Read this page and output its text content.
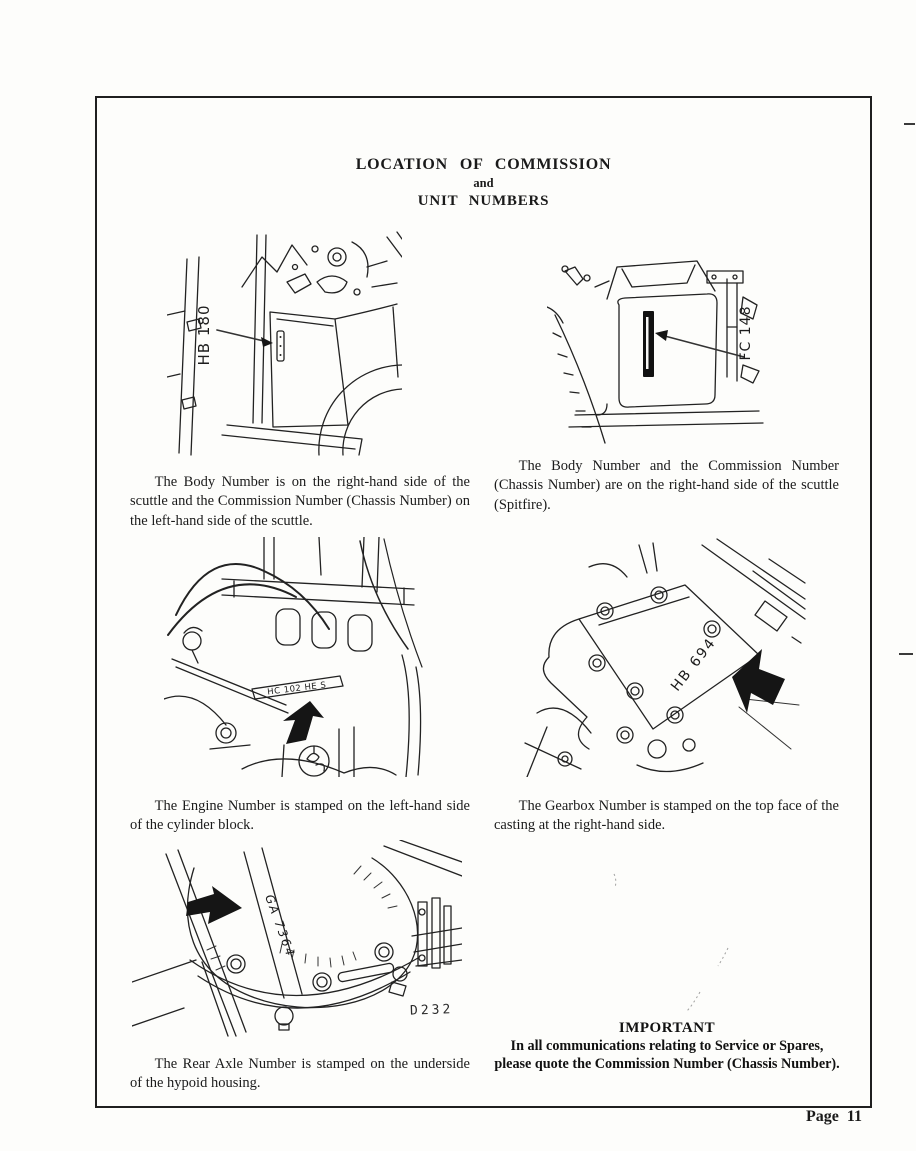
LOCATION OF COMMISSION
and
UNIT NUMBERS
HB 180	FC 148

The Body Number is on the right-hand side of the scuttle and the Commission Number (Chassis Number) on the left-hand side of the scuttle.

The Body Number and the Commission Number (Chassis Number) are on the right-hand side of the scuttle (Spitfire).

HC 102 HE S	HB 694

The Engine Number is stamped on the left-hand side of the cylinder block.

The Gearbox Number is stamped on the top face of the casting at the right-hand side.

GA 7364
D232

The Rear Axle Number is stamped on the underside of the hypoid housing.

IMPORTANT
In all communications relating to Service or Spares,
please quote the Commission Number (Chassis Number).
Page 11
